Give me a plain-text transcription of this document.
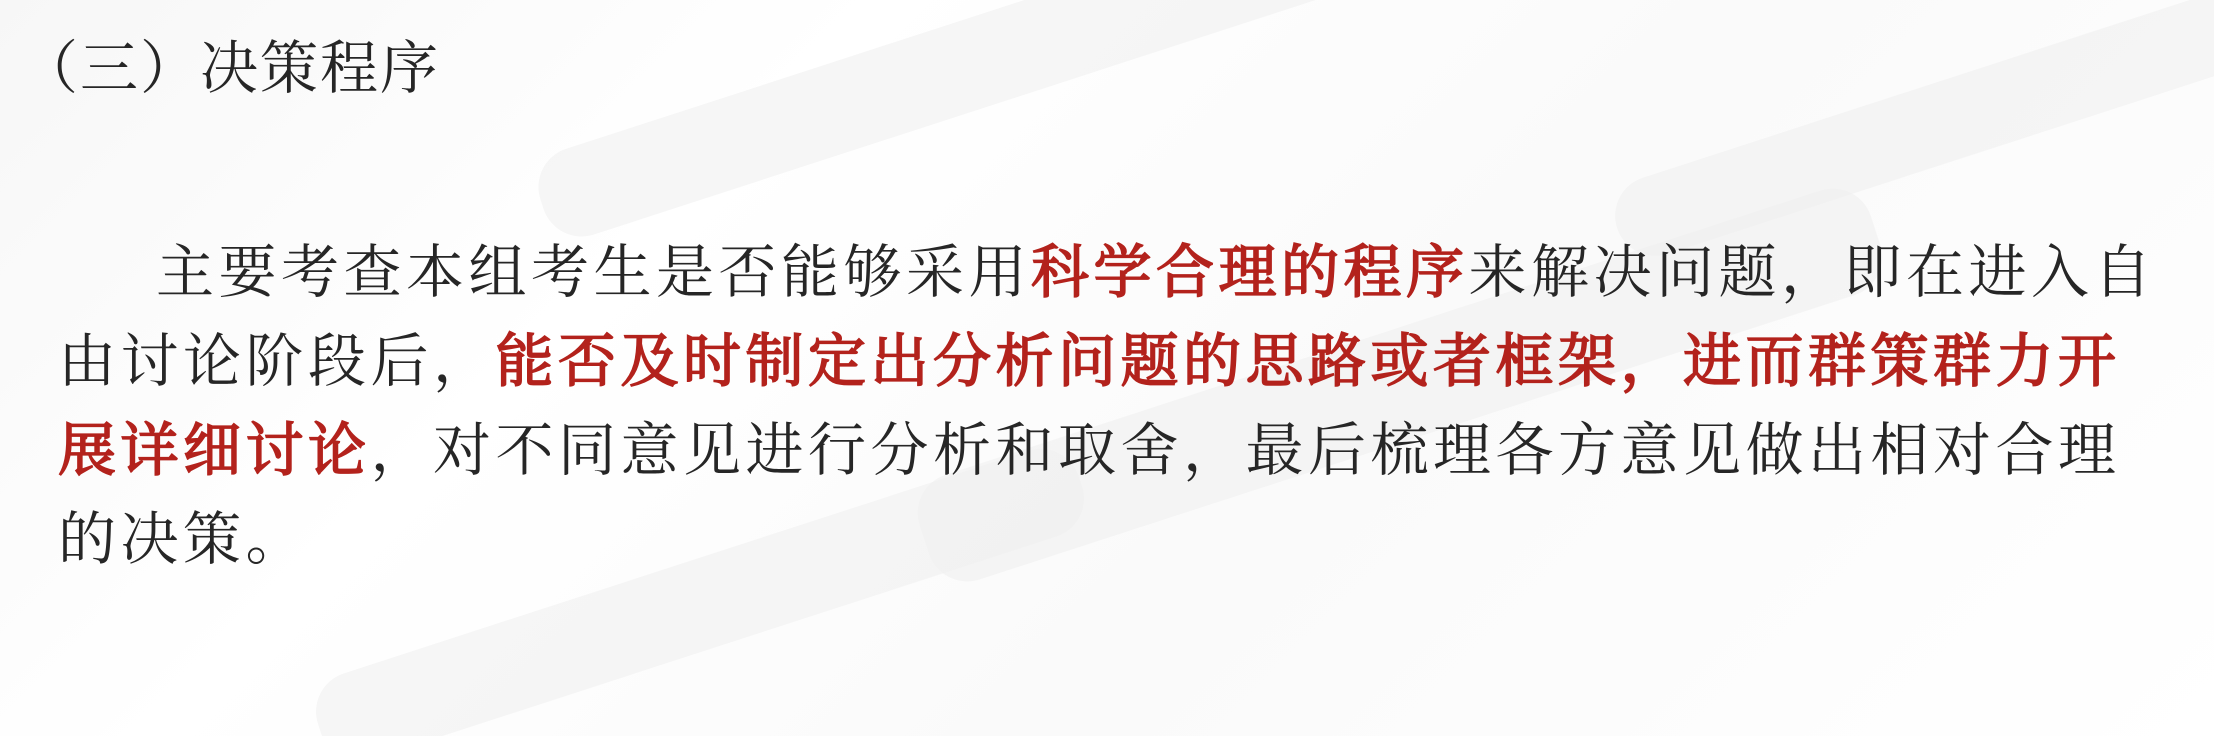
（三）决策程序

主要考查本组考生是否能够采用科学合理的程序来解决问题，即在进入自由讨论阶段后，能否及时制定出分析问题的思路或者框架，进而群策群力开展详细讨论，对不同意见进行分析和取舍，最后梳理各方意见做出相对合理的决策。
